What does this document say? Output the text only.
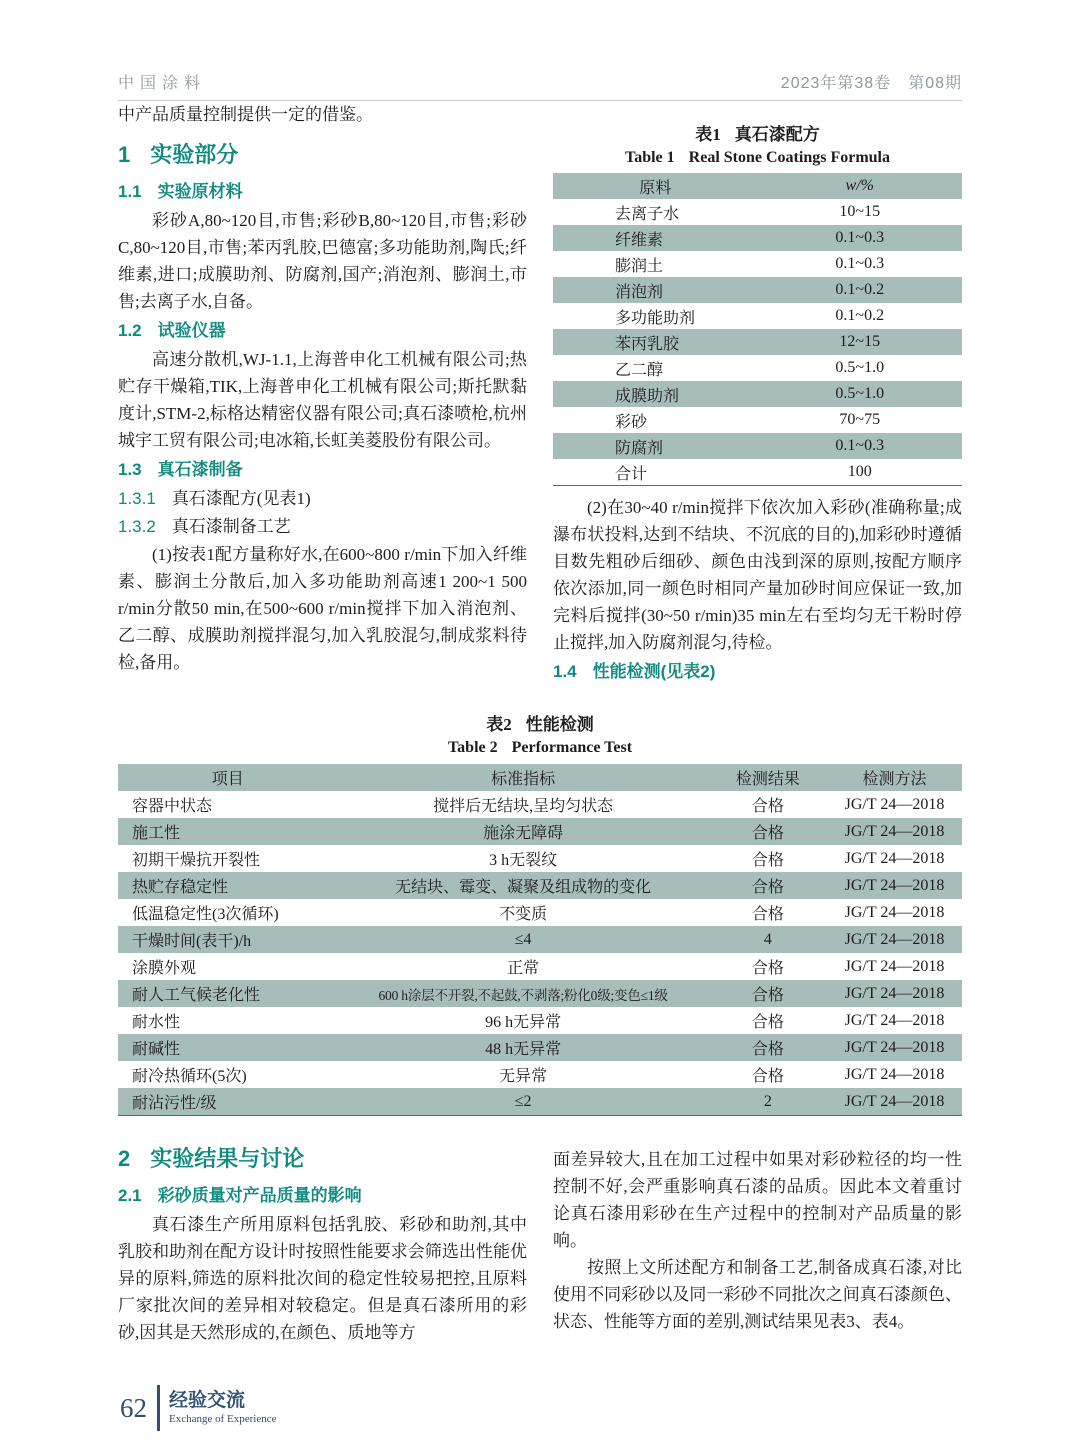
中国涂料	2023年第38卷　第08期

中产品质量控制提供一定的借鉴。

1 实验部分
1.1 实验原材料

彩砂A,80~120目,市售;彩砂B,80~120目,市售;彩砂C,80~120目,市售;苯丙乳胶,巴德富;多功能助剂,陶氏;纤维素,进口;成膜助剂、防腐剂,国产;消泡剂、膨润土,市售;去离子水,自备。

1.2 试验仪器

高速分散机,WJ-1.1,上海普申化工机械有限公司;热贮存干燥箱,TIK,上海普申化工机械有限公司;斯托默黏度计,STM-2,标格达精密仪器有限公司;真石漆喷枪,杭州城宇工贸有限公司;电冰箱,长虹美菱股份有限公司。

1.3 真石漆制备
1.3.1 真石漆配方(见表1)
1.3.2 真石漆制备工艺

(1)按表1配方量称好水,在600~800 r/min下加入纤维素、膨润土分散后,加入多功能助剂高速1 200~1 500 r/min分散50 min,在500~600 r/min搅拌下加入消泡剂、乙二醇、成膜助剂搅拌混匀,加入乳胶混匀,制成浆料待检,备用。

表1 真石漆配方
Table 1 Real Stone Coatings Formula
原料	w/%
去离子水	10~15
纤维素	0.1~0.3
膨润土	0.1~0.3
消泡剂	0.1~0.2
多功能助剂	0.1~0.2
苯丙乳胶	12~15
乙二醇	0.5~1.0
成膜助剂	0.5~1.0
彩砂	70~75
防腐剂	0.1~0.3
合计	100

(2)在30~40 r/min搅拌下依次加入彩砂(准确称量;成瀑布状投料,达到不结块、不沉底的目的),加彩砂时遵循目数先粗砂后细砂、颜色由浅到深的原则,按配方顺序依次添加,同一颜色时相同产量加砂时间应保证一致,加完料后搅拌(30~50 r/min)35 min左右至均匀无干粉时停止搅拌,加入防腐剂混匀,待检。

1.4 性能检测(见表2)
表2 性能检测
Table 2 Performance Test
项目	标准指标	检测结果	检测方法
容器中状态	搅拌后无结块,呈均匀状态	合格	JG/T 24—2018
施工性	施涂无障碍	合格	JG/T 24—2018
初期干燥抗开裂性	3 h无裂纹	合格	JG/T 24—2018
热贮存稳定性	无结块、霉变、凝聚及组成物的变化	合格	JG/T 24—2018
低温稳定性(3次循环)	不变质	合格	JG/T 24—2018
干燥时间(表干)/h	≤4	4	JG/T 24—2018
涂膜外观	正常	合格	JG/T 24—2018
耐人工气候老化性	600 h涂层不开裂,不起鼓,不剥落;粉化0级;变色≤1级	合格	JG/T 24—2018
耐水性	96 h无异常	合格	JG/T 24—2018
耐碱性	48 h无异常	合格	JG/T 24—2018
耐冷热循环(5次)	无异常	合格	JG/T 24—2018
耐沾污性/级	≤2	2	JG/T 24—2018
2 实验结果与讨论
2.1 彩砂质量对产品质量的影响

真石漆生产所用原料包括乳胶、彩砂和助剂,其中乳胶和助剂在配方设计时按照性能要求会筛选出性能优异的原料,筛选的原料批次间的稳定性较易把控,且原料厂家批次间的差异相对较稳定。但是真石漆所用的彩砂,因其是天然形成的,在颜色、质地等方

面差异较大,且在加工过程中如果对彩砂粒径的均一性控制不好,会严重影响真石漆的品质。因此本文着重讨论真石漆用彩砂在生产过程中的控制对产品质量的影响。

按照上文所述配方和制备工艺,制备成真石漆,对比使用不同彩砂以及同一彩砂不同批次之间真石漆颜色、状态、性能等方面的差别,测试结果见表3、表4。

62 经验交流
Exchange of Experience
